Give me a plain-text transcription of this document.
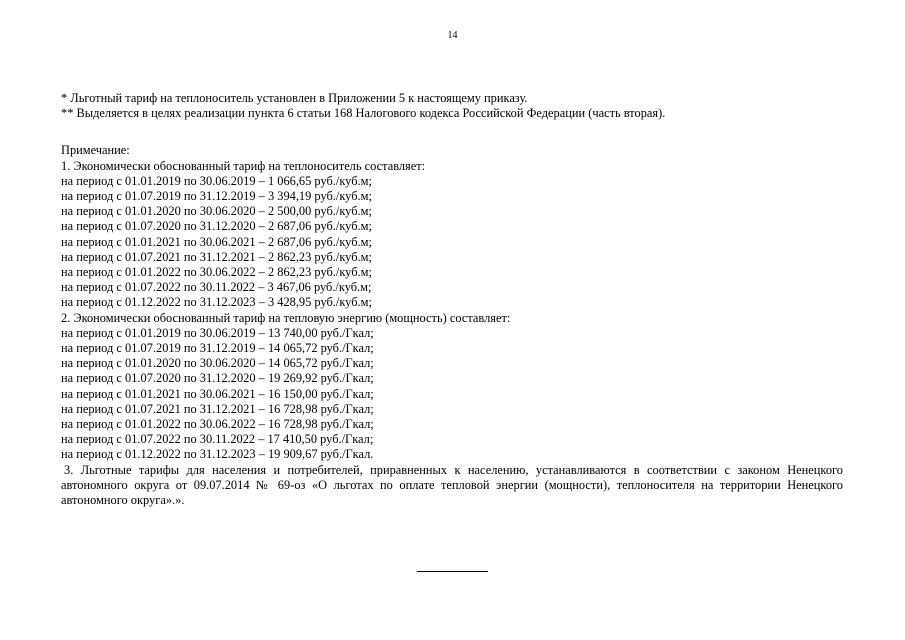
14
* Льготный тариф на теплоноситель установлен в Приложении 5 к настоящему приказу.
** Выделяется в целях реализации пункта 6 статьи 168 Налогового кодекса Российской Федерации (часть вторая).
Примечание:
1. Экономически обоснованный тариф на теплоноситель составляет:
на период с 01.01.2019 по 30.06.2019 – 1 066,65 руб./куб.м;
на период с 01.07.2019 по 31.12.2019 – 3 394,19 руб./куб.м;
на период с 01.01.2020 по 30.06.2020 – 2 500,00 руб./куб.м;
на период с 01.07.2020 по 31.12.2020 – 2 687,06 руб./куб.м;
на период с 01.01.2021 по 30.06.2021 – 2 687,06 руб./куб.м;
на период с 01.07.2021 по 31.12.2021 – 2 862,23 руб./куб.м;
на период с 01.01.2022 по 30.06.2022 – 2 862,23 руб./куб.м;
на период с 01.07.2022 по 30.11.2022 – 3 467,06 руб./куб.м;
на период с 01.12.2022 по 31.12.2023 – 3 428,95 руб./куб.м;
2. Экономически обоснованный тариф на тепловую энергию (мощность) составляет:
на период с 01.01.2019 по 30.06.2019 – 13 740,00 руб./Гкал;
на период с 01.07.2019 по 31.12.2019 – 14 065,72 руб./Гкал;
на период с 01.01.2020 по 30.06.2020 – 14 065,72 руб./Гкал;
на период с 01.07.2020 по 31.12.2020 – 19 269,92 руб./Гкал;
на период с 01.01.2021 по 30.06.2021 – 16 150,00 руб./Гкал;
на период с 01.07.2021 по 31.12.2021 – 16 728,98 руб./Гкал;
на период с 01.01.2022 по 30.06.2022 – 16 728,98 руб./Гкал;
на период с 01.07.2022 по 30.11.2022 – 17 410,50 руб./Гкал;
на период с 01.12.2022 по 31.12.2023 – 19 909,67 руб./Гкал.

3. Льготные тарифы для населения и потребителей, приравненных к населению, устанавливаются в соответствии с законом Ненецкого автономного округа от 09.07.2014 № 69-оз «О льготах по оплате тепловой энергии (мощности), теплоносителя на территории Ненецкого автономного округа».».
